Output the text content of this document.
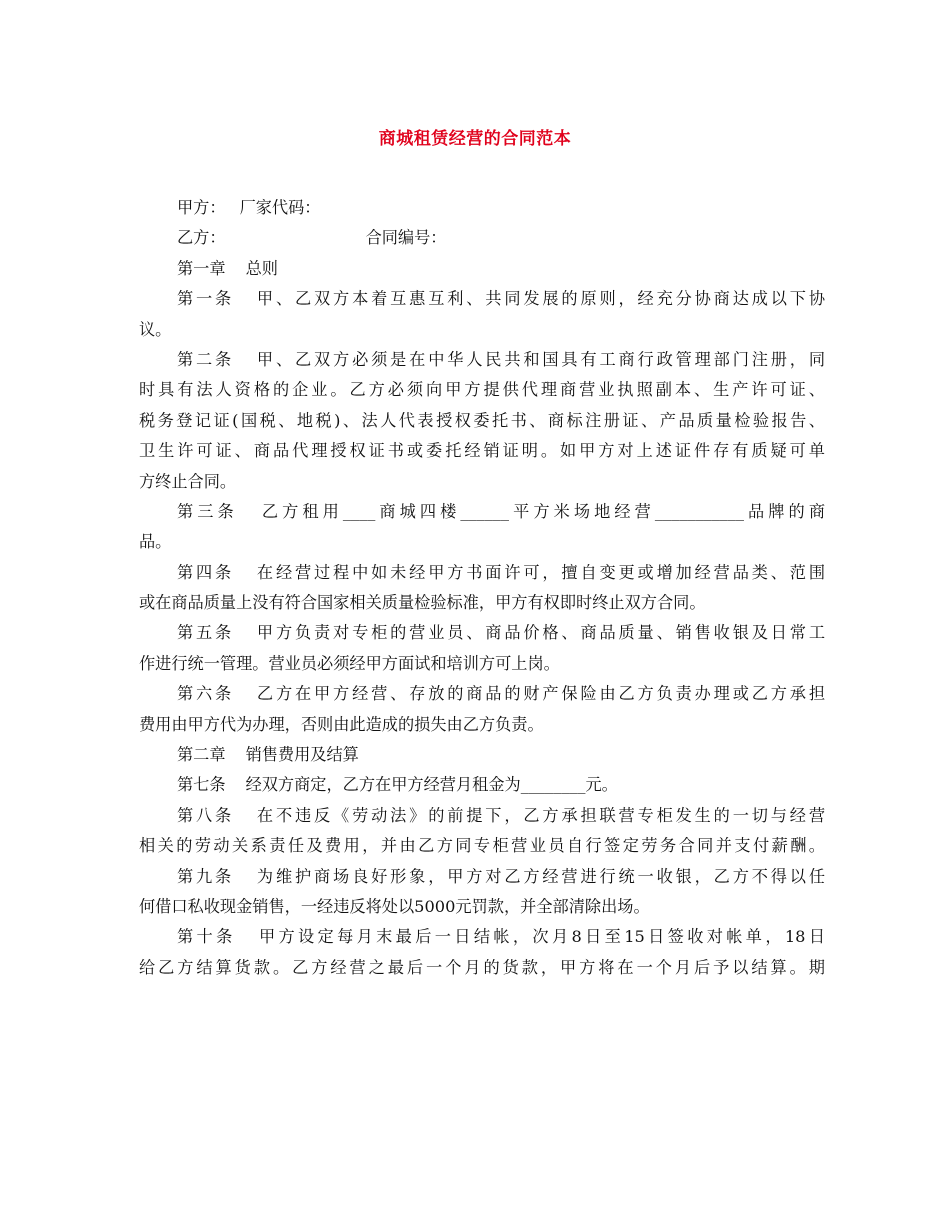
商城租赁经营的合同范本
甲方： 厂家代码：
乙方：	合同编号：
第一章 总则
第一条 甲、乙双方本着互惠互利、共同发展的原则，经充分协商达成以下协
议。
第二条 甲、乙双方必须是在中华人民共和国具有工商行政管理部门注册，同
时具有法人资格的企业。乙方必须向甲方提供代理商营业执照副本、生产许可证、
税务登记证(国税、地税)、法人代表授权委托书、商标注册证、产品质量检验报告、
卫生许可证、商品代理授权证书或委托经销证明。如甲方对上述证件存有质疑可单
方终止合同。
第三条 乙方租用____商城四楼______平方米场地经营___________品牌的商
品。
第四条 在经营过程中如未经甲方书面许可，擅自变更或增加经营品类、范围
或在商品质量上没有符合国家相关质量检验标准，甲方有权即时终止双方合同。
第五条 甲方负责对专柜的营业员、商品价格、商品质量、销售收银及日常工
作进行统一管理。营业员必须经甲方面试和培训方可上岗。
第六条 乙方在甲方经营、存放的商品的财产保险由乙方负责办理或乙方承担
费用由甲方代为办理，否则由此造成的损失由乙方负责。
第二章 销售费用及结算
第七条 经双方商定，乙方在甲方经营月租金为________元。
第八条 在不违反《劳动法》的前提下，乙方承担联营专柜发生的一切与经营
相关的劳动关系责任及费用，并由乙方同专柜营业员自行签定劳务合同并支付薪酬。
第九条 为维护商场良好形象，甲方对乙方经营进行统一收银，乙方不得以任
何借口私收现金销售，一经违反将处以5000元罚款，并全部清除出场。
第十条 甲方设定每月末最后一日结帐，次月8日至15日签收对帐单，18日
给乙方结算货款。乙方经营之最后一个月的货款，甲方将在一个月后予以结算。期
